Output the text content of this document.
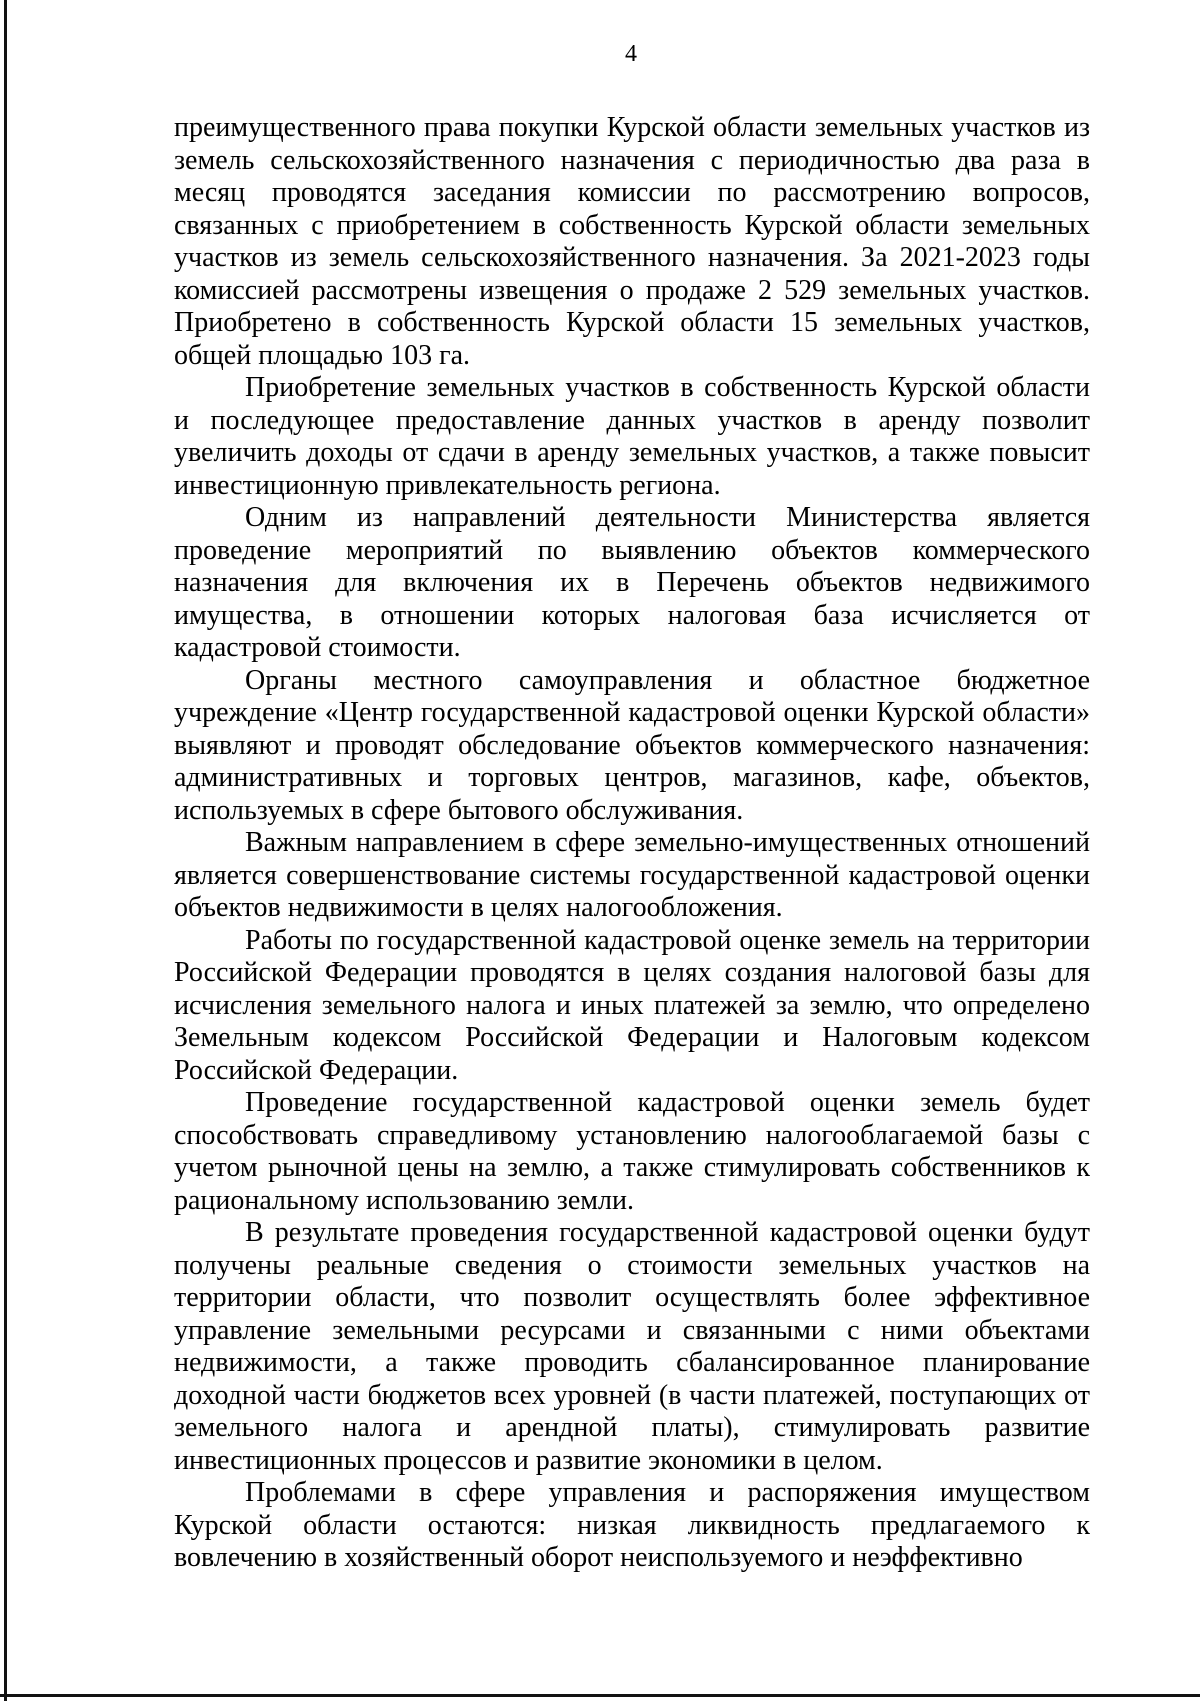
4

преимущественного права покупки Курской области земельных участков из земель сельскохозяйственного назначения с периодичностью два раза в месяц проводятся заседания комиссии по рассмотрению вопросов, связанных с приобретением в собственность Курской области земельных участков из земель сельскохозяйственного назначения. За 2021-2023 годы комиссией рассмотрены извещения о продаже 2 529 земельных участков. Приобретено в собственность Курской области 15 земельных участков, общей площадью 103 га.

Приобретение земельных участков в собственность Курской области и последующее предоставление данных участков в аренду позволит увеличить доходы от сдачи в аренду земельных участков, а также повысит инвестиционную привлекательность региона.

Одним из направлений деятельности Министерства является проведение мероприятий по выявлению объектов коммерческого назначения для включения их в Перечень объектов недвижимого имущества, в отношении которых налоговая база исчисляется от кадастровой стоимости.

Органы местного самоуправления и областное бюджетное учреждение «Центр государственной кадастровой оценки Курской области» выявляют и проводят обследование объектов коммерческого назначения: административных и торговых центров, магазинов, кафе, объектов, используемых в сфере бытового обслуживания.

Важным направлением в сфере земельно-имущественных отношений является совершенствование системы государственной кадастровой оценки объектов недвижимости в целях налогообложения.

Работы по государственной кадастровой оценке земель на территории Российской Федерации проводятся в целях создания налоговой базы для исчисления земельного налога и иных платежей за землю, что определено Земельным кодексом Российской Федерации и Налоговым кодексом Российской Федерации.

Проведение государственной кадастровой оценки земель будет способствовать справедливому установлению налогооблагаемой базы с учетом рыночной цены на землю, а также стимулировать собственников к рациональному использованию земли.

В результате проведения государственной кадастровой оценки будут получены реальные сведения о стоимости земельных участков на территории области, что позволит осуществлять более эффективное управление земельными ресурсами и связанными с ними объектами недвижимости, а также проводить сбалансированное планирование доходной части бюджетов всех уровней (в части платежей, поступающих от земельного налога и арендной платы), стимулировать развитие инвестиционных процессов и развитие экономики в целом.

Проблемами в сфере управления и распоряжения имуществом Курской области остаются: низкая ликвидность предлагаемого к вовлечению в хозяйственный оборот неиспользуемого и неэффективно
